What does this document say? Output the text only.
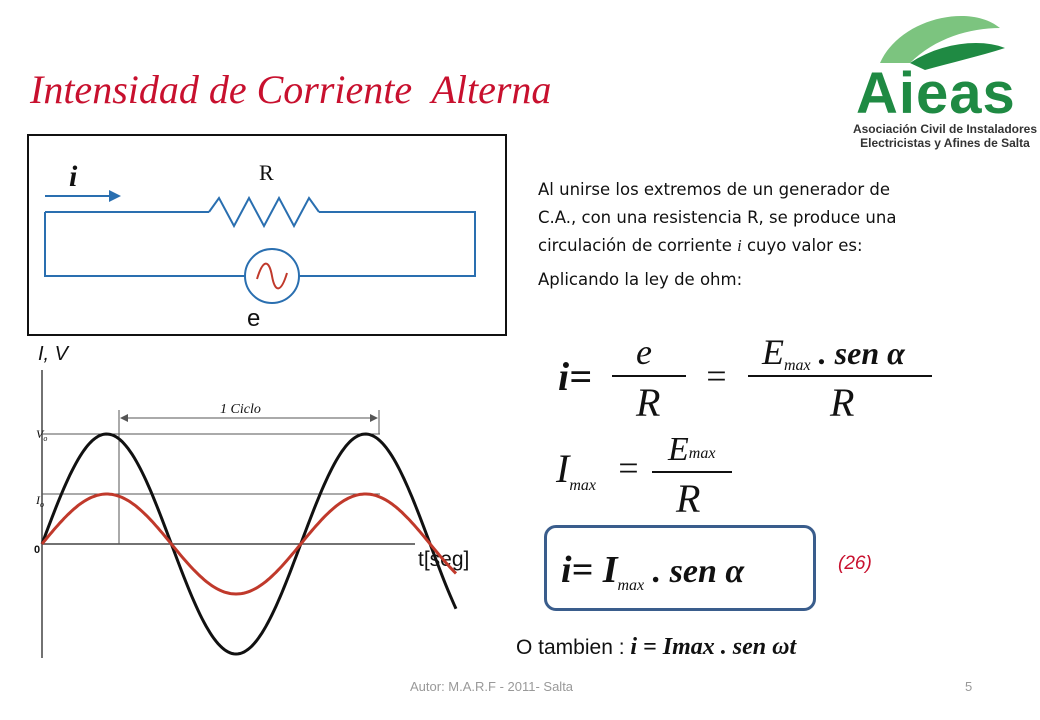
Intensidad de Corriente  Alterna	Aieas
Asociación Civil de Instaladores
Electricistas y Afines de Salta
i	R
e
Al unirse los extremos de un generador de
C.A., con una resistencia R, se produce una
circulación de corriente i cuyo valor es:
Aplicando la ley de ohm:
I, V
0	t[seg]
$V_o$
$I_o$
1 Ciclo
i=
e
R
=
Emax . sen α
R
$I_{max} = Emax$
R
$i= I_{max}$ . sen α	(26)
O tambien : i = Imax . sen ωt
Autor: M.A.R.F - 2011- Salta	5
